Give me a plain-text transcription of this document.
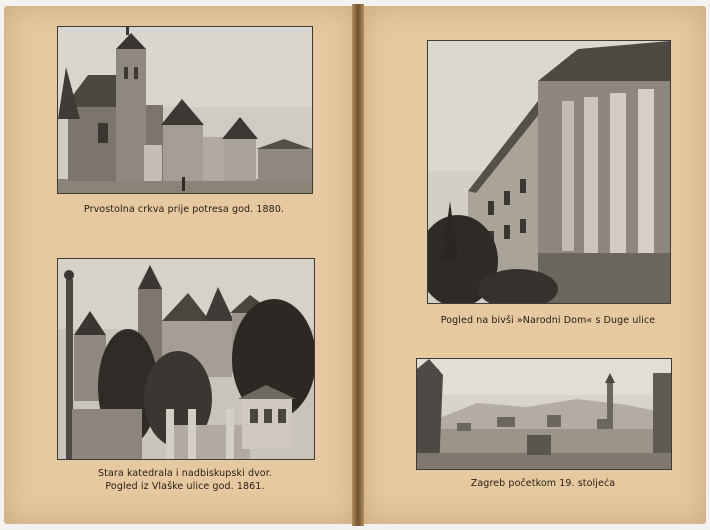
Prvostolna crkva prije potresa god. 1880.
Stara katedrala i nadbiskupski dvor.
Pogled iz Vlaške ulice god. 1861.
Pogled na bivši »Narodni Dom« s Duge ulice
Zagreb početkom 19. stoljeća
